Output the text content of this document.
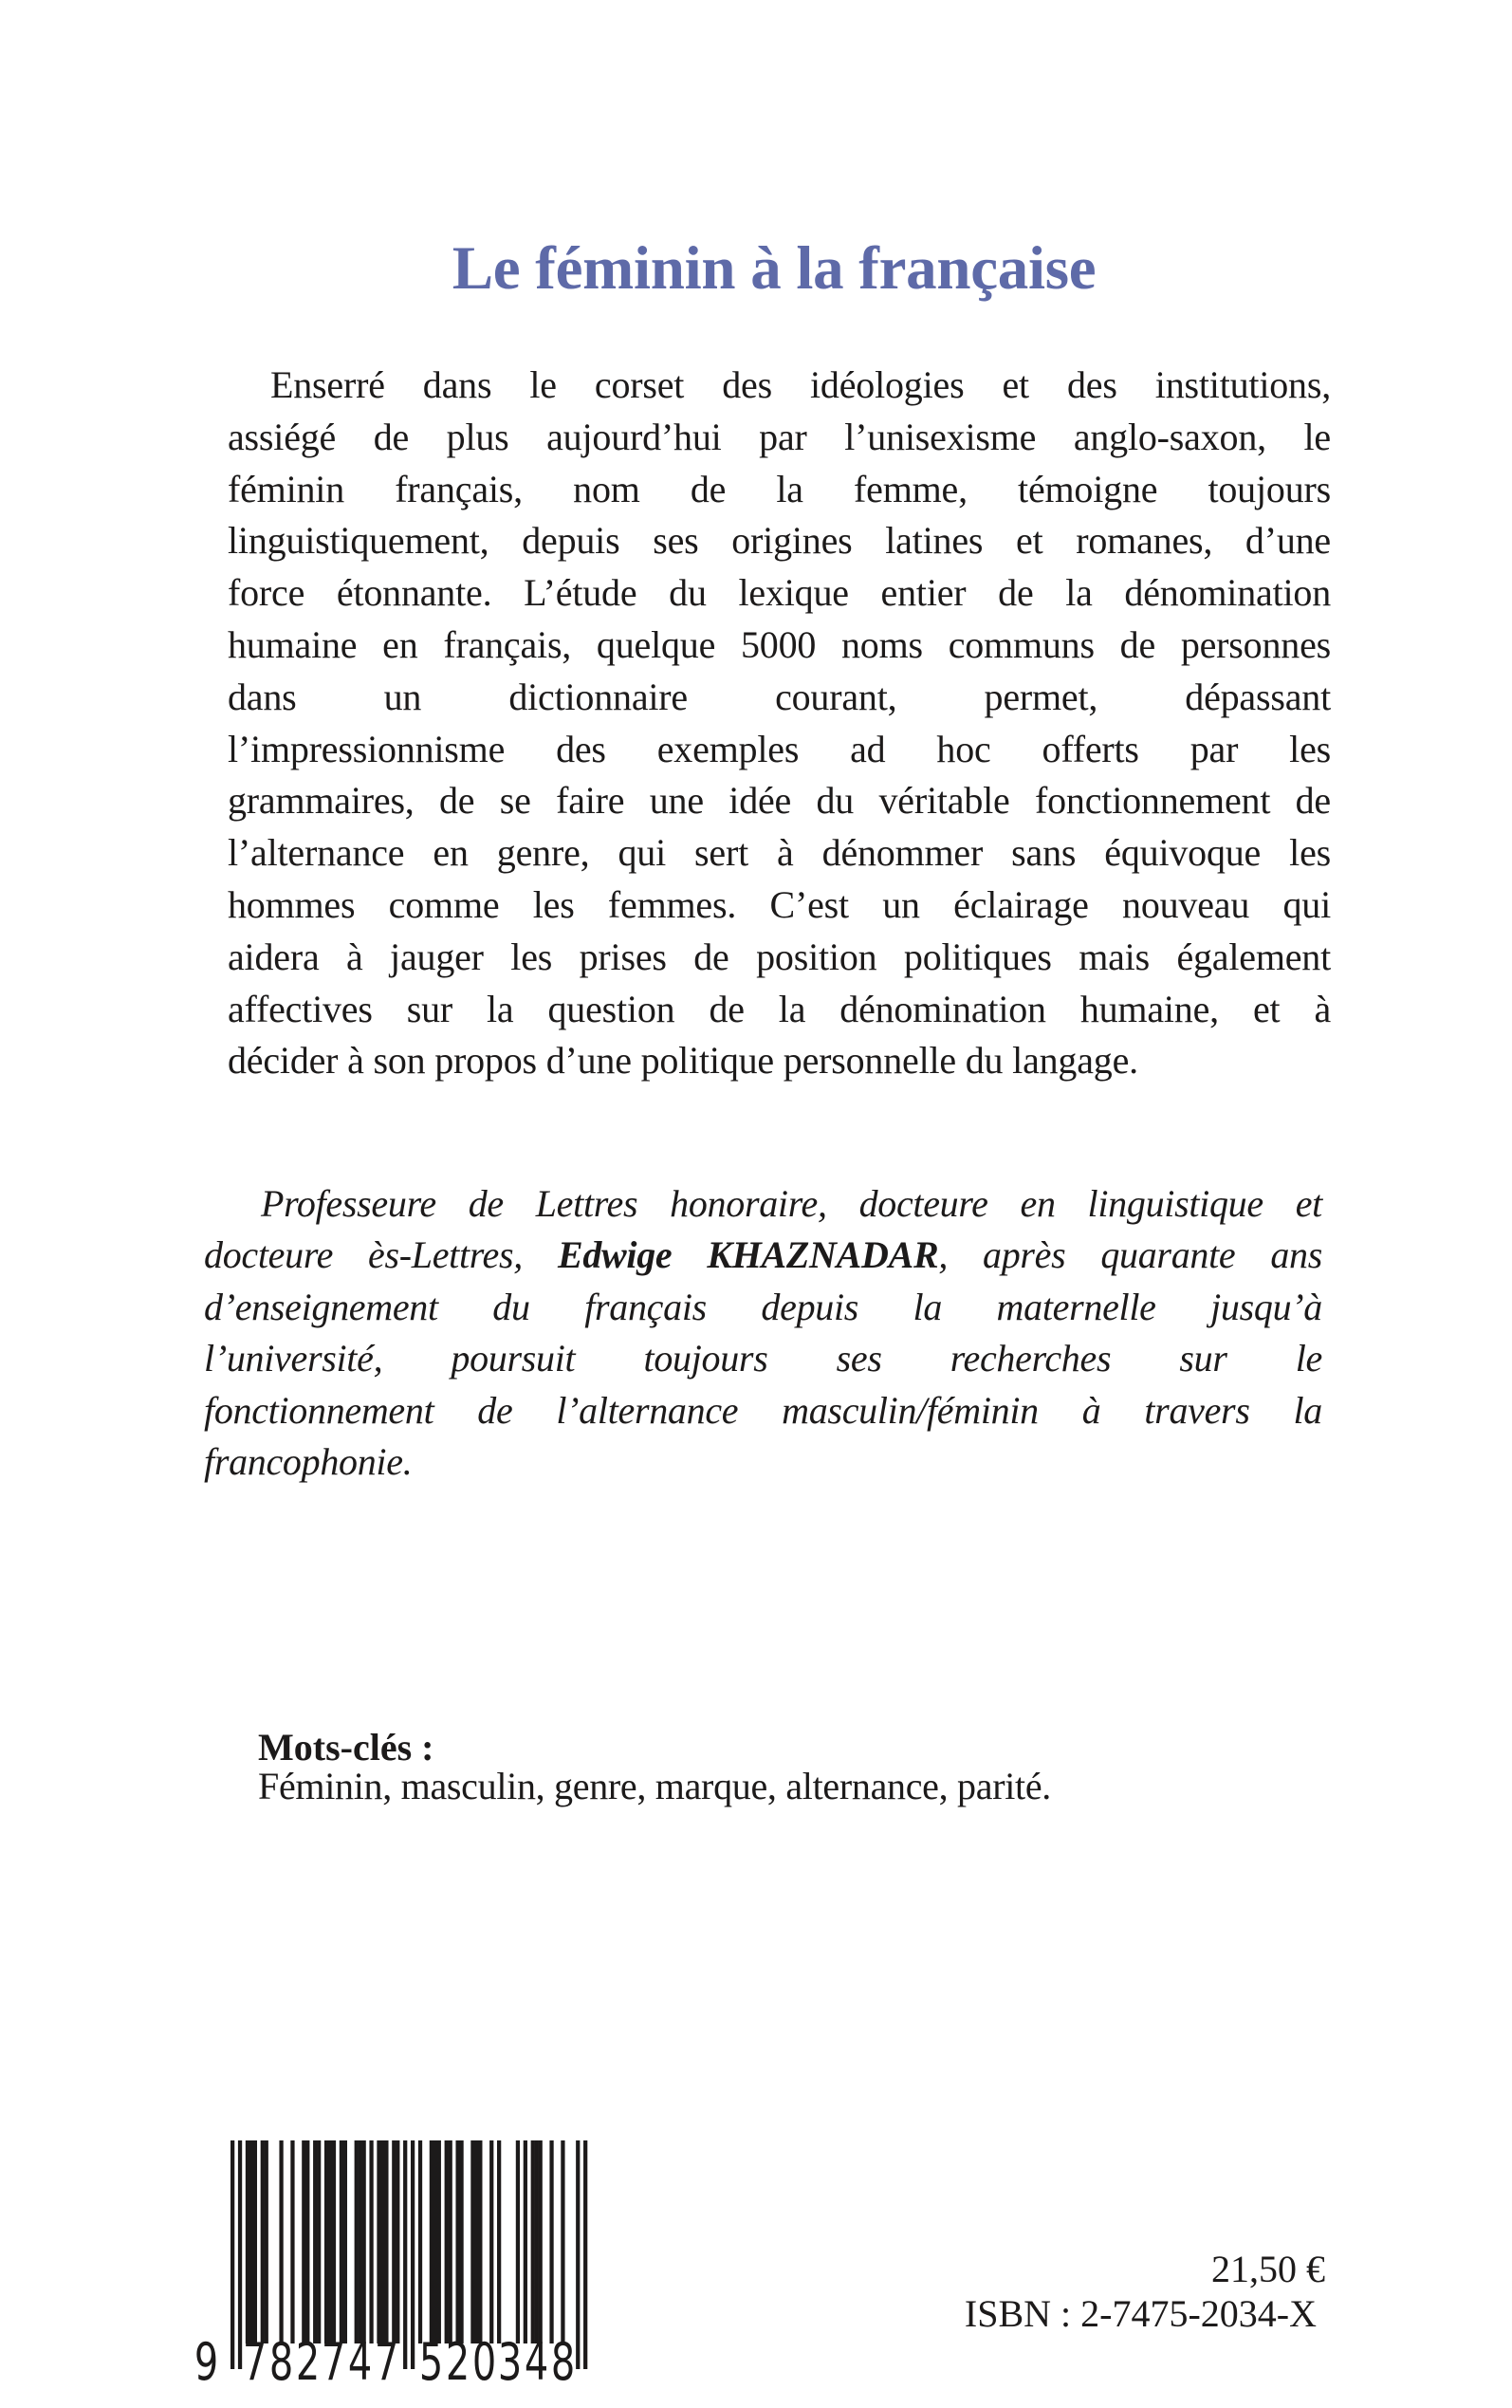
Le féminin à la française

Enserré dans le corset des idéologies et des institutions,
assiégé de plus aujourd’hui par l’unisexisme anglo-saxon, le
féminin français, nom de la femme, témoigne toujours
linguistiquement, depuis ses origines latines et romanes, d’une
force étonnante. L’étude du lexique entier de la dénomination
humaine en français, quelque 5000 noms communs de personnes
dans un dictionnaire courant, permet, dépassant
l’impressionnisme des exemples ad hoc offerts par les
grammaires, de se faire une idée du véritable fonctionnement de
l’alternance en genre, qui sert à dénommer sans équivoque les
hommes comme les femmes. C’est un éclairage nouveau qui
aidera à jauger les prises de position politiques mais également
affectives sur la question de la dénomination humaine, et à
décider à son propos d’une politique personnelle du langage.

Professeure de Lettres honoraire, docteure en linguistique et
docteure ès-Lettres, Edwige KHAZNADAR, après quarante ans
d’enseignement du français depuis la maternelle jusqu’à
l’université, poursuit toujours ses recherches sur le
fonctionnement de l’alternance masculin/féminin à travers la
francophonie.

Mots-clés :
Féminin, masculin, genre, marque, alternance, parité.
9 7 8 2 7 4 7 5 2 0 3 4 8
21,50 €
ISBN : 2-7475-2034-X
